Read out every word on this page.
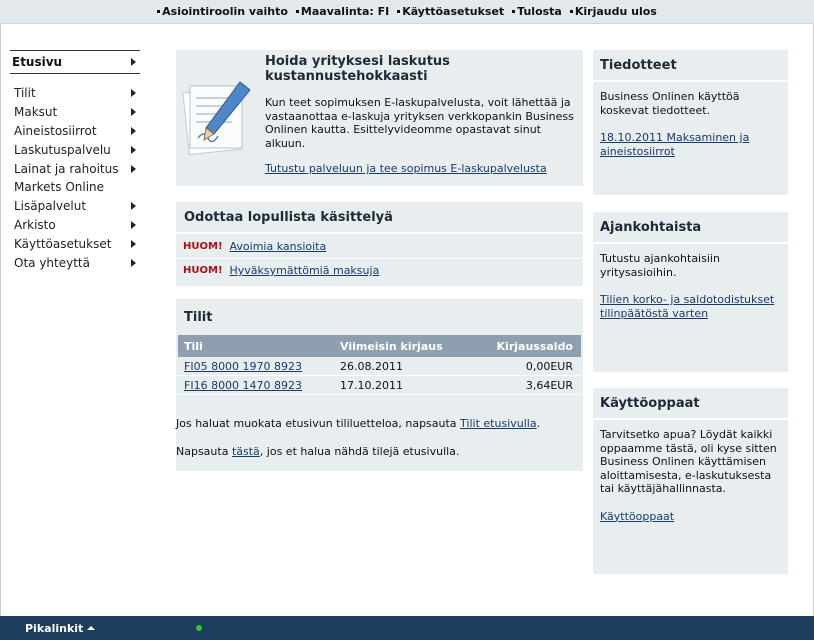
Asiointiroolin vaihto	Maavalinta: FI	Käyttöasetukset	Tulosta	Kirjaudu ulos
Etusivu
Tilit
Maksut
Aineistosiirrot
Laskutuspalvelu
Lainat ja rahoitus
Markets Online
Lisäpalvelut
Arkisto
Käyttöasetukset
Ota yhteyttä
Hoida yrityksesi laskutus kustannustehokkaasti
Kun teet sopimuksen E-laskupalvelusta, voit lähettää ja vastaanottaa e-laskuja yrityksen verkkopankin Business Onlinen kautta. Esittelyvideomme opastavat sinut alkuun.
Tutustu palveluun ja tee sopimus E-laskupalvelusta
Odottaa lopullista käsittelyä
HUOM! Avoimia kansioita
HUOM! Hyväksymättömiä maksuja
Tilit
Tili	Viimeisin kirjaus	Kirjaussaldo
FI05 8000 1970 8923	26.08.2011	0,00EUR
FI16 8000 1470 8923	17.10.2011	3,64EUR
Jos haluat muokata etusivun tililuetteloa, napsauta Tilit etusivulla.
Napsauta tästä, jos et halua nähdä tilejä etusivulla.
Tiedotteet

Business Onlinen käyttöä koskevat tiedotteet.

18.10.2011 Maksaminen ja aineistosiirrot

Ajankohtaista

Tutustu ajankohtaisiin yritysasioihin.

Tilien korko- ja saldotodistukset tilinpäätöstä varten

Käyttöoppaat

Tarvitsetko apua? Löydät kaikki oppaamme tästä, oli kyse sitten Business Onlinen käyttämisen aloittamisesta, e-laskutuksesta tai käyttäjähallinnasta.

Käyttöoppaat

Pikalinkit
